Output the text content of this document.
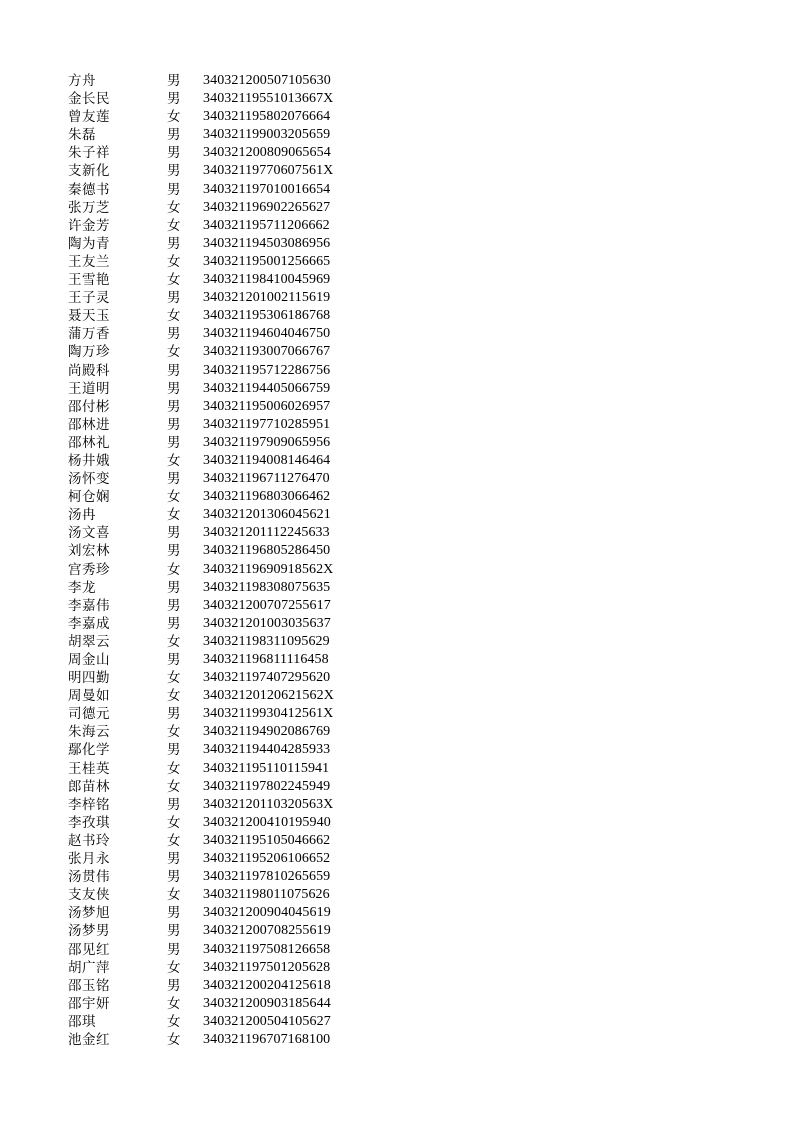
方舟	男	340321200507105630
金长民	男	34032119551013667X
曾友莲	女	340321195802076664
朱磊	男	340321199003205659
朱子祥	男	340321200809065654
支新化	男	34032119770607561X
秦德书	男	340321197010016654
张万芝	女	340321196902265627
许金芳	女	340321195711206662
陶为青	男	340321194503086956
王友兰	女	340321195001256665
王雪艳	女	340321198410045969
王子灵	男	340321201002115619
聂天玉	女	340321195306186768
蒲万香	男	340321194604046750
陶万珍	女	340321193007066767
尚殿科	男	340321195712286756
王道明	男	340321194405066759
邵付彬	男	340321195006026957
邵林进	男	340321197710285951
邵林礼	男	340321197909065956
杨井娥	女	340321194008146464
汤怀变	男	340321196711276470
柯仓娴	女	340321196803066462
汤冉	女	340321201306045621
汤文喜	男	340321201112245633
刘宏林	男	340321196805286450
宫秀珍	女	34032119690918562X
李龙	男	340321198308075635
李嘉伟	男	340321200707255617
李嘉成	男	340321201003035637
胡翠云	女	340321198311095629
周金山	男	340321196811116458
明四勤	女	340321197407295620
周曼如	女	34032120120621562X
司德元	男	34032119930412561X
朱海云	女	340321194902086769
鄢化学	男	340321194404285933
王桂英	女	340321195110115941
郎苗林	女	340321197802245949
李梓铭	男	34032120110320563X
李孜琪	女	340321200410195940
赵书玲	女	340321195105046662
张月永	男	340321195206106652
汤贯伟	男	340321197810265659
支友侠	女	340321198011075626
汤梦旭	男	340321200904045619
汤梦男	男	340321200708255619
邵见红	男	340321197508126658
胡广萍	女	340321197501205628
邵玉铭	男	340321200204125618
邵宇妍	女	340321200903185644
邵琪	女	340321200504105627
池金红	女	340321196707168100
